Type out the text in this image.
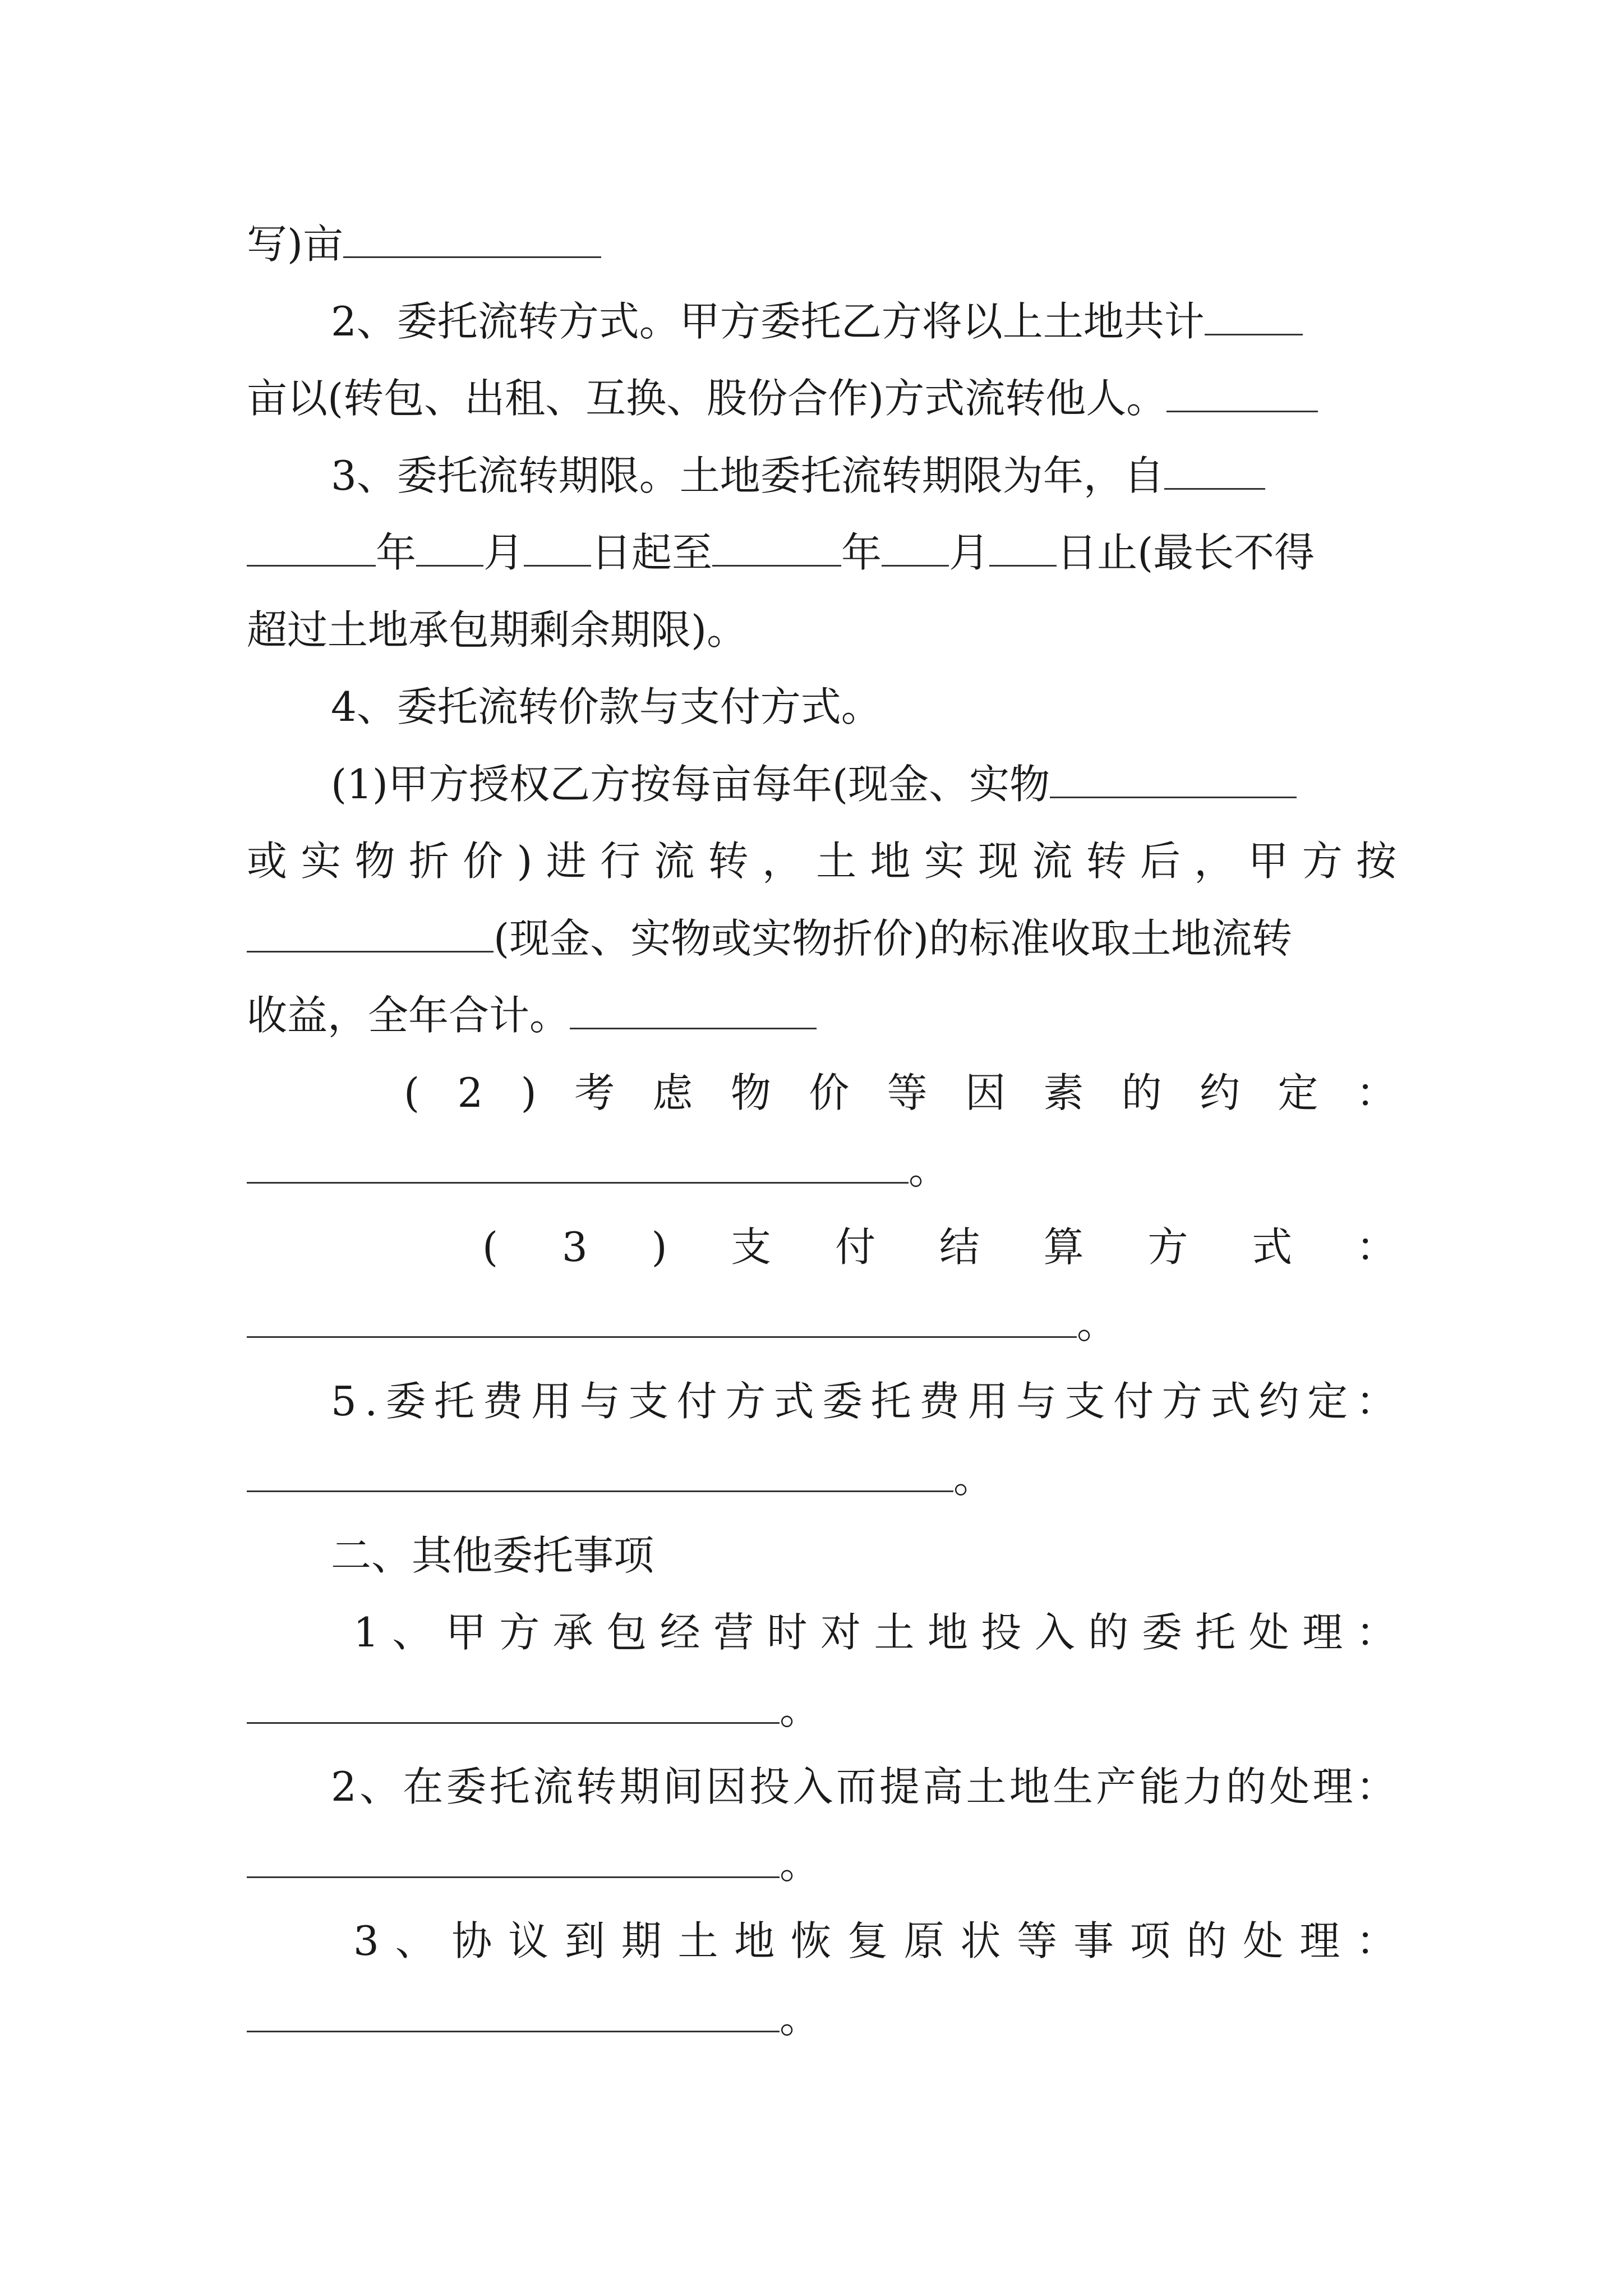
写)亩
2、委托流转方式。甲方委托乙方将以上土地共计
亩以(转包、出租、互换、股份合作)方式流转他人。
3、委托流转期限。土地委托流转期限为年，自
年 月 日起至	年 月 日止(最长不得
超过土地承包期剩余期限)。
4、委托流转价款与支付方式。
(1)甲方授权乙方按每亩每年(现金、实物
或 实 物 折 价 ) 进 行 流 转 ， 土 地 实 现 流 转 后 ， 甲 方 按
(现金、实物或实物折价)的标准收取土地流转
收益，全年合计。
( 2 ) 考 虑 物 价 等 因 素 的 约 定 ：
。
( 3 ) 支 付 结 算 方 式 ：
。
5 . 委 托 费 用 与 支 付 方 式 委 托 费 用 与 支 付 方 式 约 定 ：
。
二、其他委托事项
1 、 甲 方 承 包 经 营 时 对 土 地 投 入 的 委 托 处 理 ：
。
2 、 在 委 托 流 转 期 间 因 投 入 而 提 高 土 地 生 产 能 力 的 处 理 ：
。
3 、 协 议 到 期 土 地 恢 复 原 状 等 事 项 的 处 理 ：
。
